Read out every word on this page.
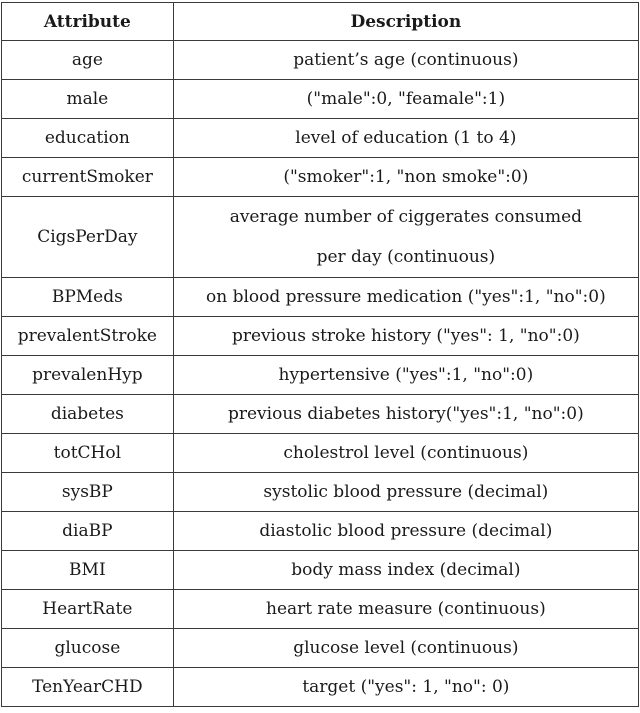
Attribute	Description
age	patient’s age (continuous)
male	("male":0, "feamale":1)
education	level of education (1 to 4)
currentSmoker	("smoker":1, "non smoke":0)
CigsPerDay	average number of ciggerates consumed
per day (continuous)
BPMeds	on blood pressure medication ("yes":1, "no":0)
prevalentStroke	previous stroke history ("yes": 1, "no":0)
prevalenHyp	hypertensive ("yes":1, "no":0)
diabetes	previous diabetes history("yes":1, "no":0)
totCHol	cholestrol level (continuous)
sysBP	systolic blood pressure (decimal)
diaBP	diastolic blood pressure (decimal)
BMI	body mass index (decimal)
HeartRate	heart rate measure (continuous)
glucose	glucose level (continuous)
TenYearCHD	target ("yes": 1, "no": 0)
